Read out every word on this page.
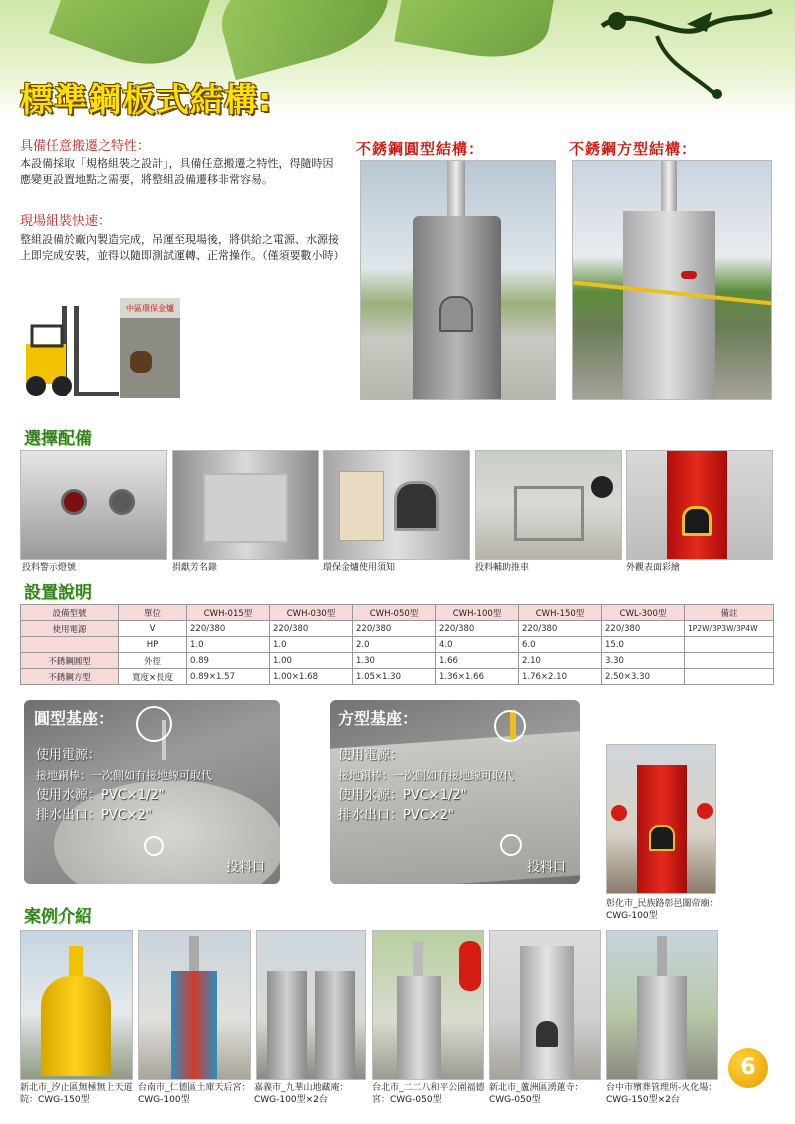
標準鋼板式結構:
具備任意搬遷之特性：
本設備採取「規格組裝之設計」，具備任意搬遷之特性，得隨時因應變更設置地點之需要，將整組設備遷移非常容易。
現場組裝快速：
整組設備於廠內製造完成，吊運至現場後，將供給之電源、水源接上即完成安裝，並得以隨即測試運轉、正常操作。（僅須要數小時）
中區環保金爐
不銹鋼圓型結構：	不銹鋼方型結構：
選擇配備
投料警示燈號	捐獻芳名錄	環保金爐使用須知	投料輔助推車	外觀表面彩繪
設置說明
設備型號	單位	CWH-015型	CWH-030型	CWH-050型	CWH-100型	CWH-150型	CWL-300型	備註
使用電源	V	220/380	220/380	220/380	220/380	220/380	220/380	1P2W/3P3W/3P4W
	HP	1.0	1.0	2.0	4.0	6.0	15.0	
不銹鋼圓型	外徑	0.89	1.00	1.30	1.66	2.10	3.30	
不銹鋼方型	寬度×長度	0.89×1.57	1.00×1.68	1.05×1.30	1.36×1.66	1.76×2.10	2.50×3.30	
圓型基座：
使用電源：
接地銅棒：一次側如有接地線可取代
使用水源：PVC×1/2"
排水出口：PVC×2"
投料口
方型基座：
使用電源：
接地銅棒：一次側如有接地線可取代
使用水源：PVC×1/2"
排水出口：PVC×2"
投料口
彰化市_民族路彰邑關帝廟：CWG-100型
案例介紹
新北市_汐止區無極無上天道院：CWG-150型
台南市_仁德區土庫天后宮：CWG-100型
嘉義市_九華山地藏庵：CWG-100型×2台
台北市_二二八和平公園福德宮：CWG-050型
新北市_蘆洲區湧蓮寺：CWG-050型
台中市殯葬管理所-火化場：CWG-150型×2台
6
